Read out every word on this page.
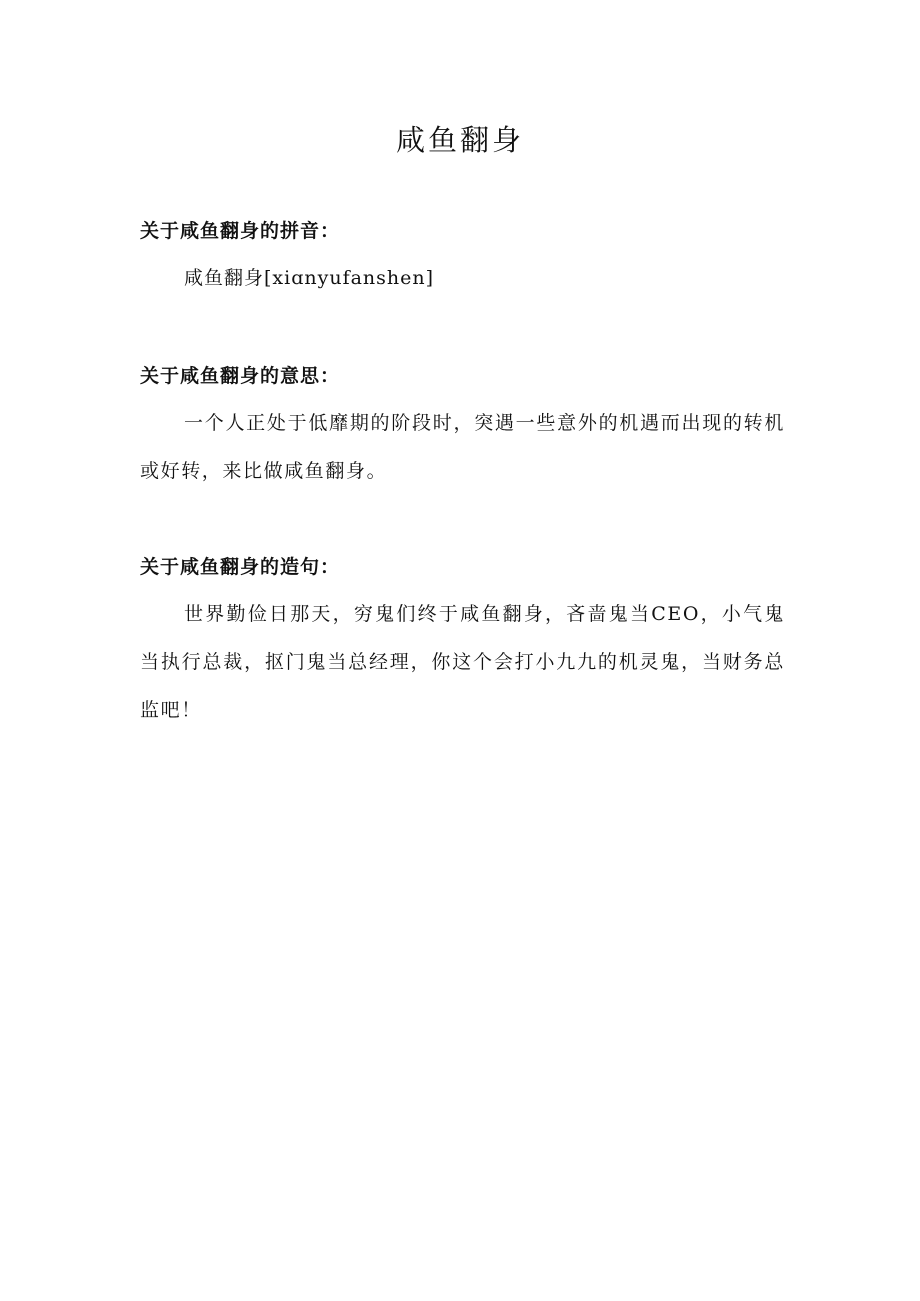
咸鱼翻身

关于咸鱼翻身的拼音：

咸鱼翻身[xiɑnyufanshen]

关于咸鱼翻身的意思：

一个人正处于低靡期的阶段时，突遇一些意外的机遇而出现的转机或好转，来比做咸鱼翻身。

关于咸鱼翻身的造句：

世界勤俭日那天，穷鬼们终于咸鱼翻身，吝啬鬼当CEO，小气鬼当执行总裁，抠门鬼当总经理，你这个会打小九九的机灵鬼，当财务总监吧！
